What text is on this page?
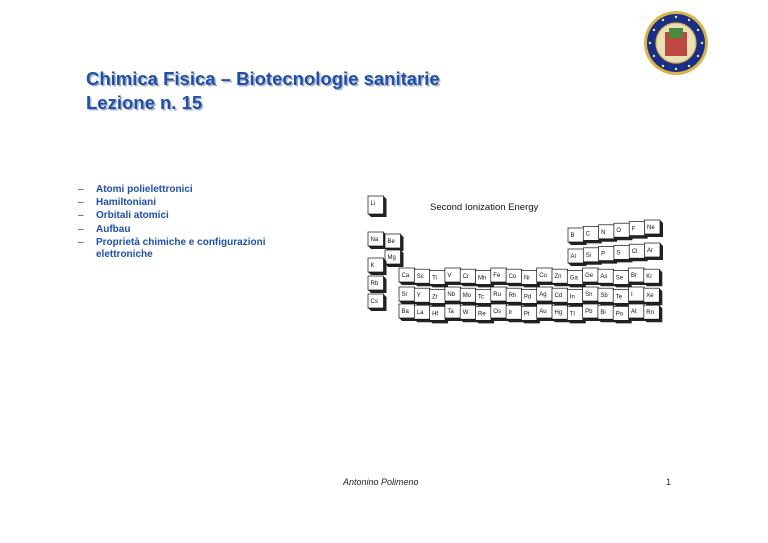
Chimica Fisica – Biotecnologie sanitarie
Lezione n. 15
– Atomi polielettronici
– Hamiltoniani
– Orbitali atomici
– Aufbau
– Proprietà chimiche e configurazioni elettroniche
Second Ionization Energy
Li
Na Be
Mg
K
Rb
Cs
Ca Sc Ti V Cr Mn Fe Co Ni Cu Zn Ga Ge As Se Br Kr
Sr Y Zr Nb Mo Tc Ru Rh Pd Ag Cd In Sn Sb Te I Xe
Ba La Hf Ta W Re Os Ir Pt Au Hg Tl Pb Bi Po At Rn
B C N O F Ne
Al Si P S Cl Ar
Antonino Polimeno	1
